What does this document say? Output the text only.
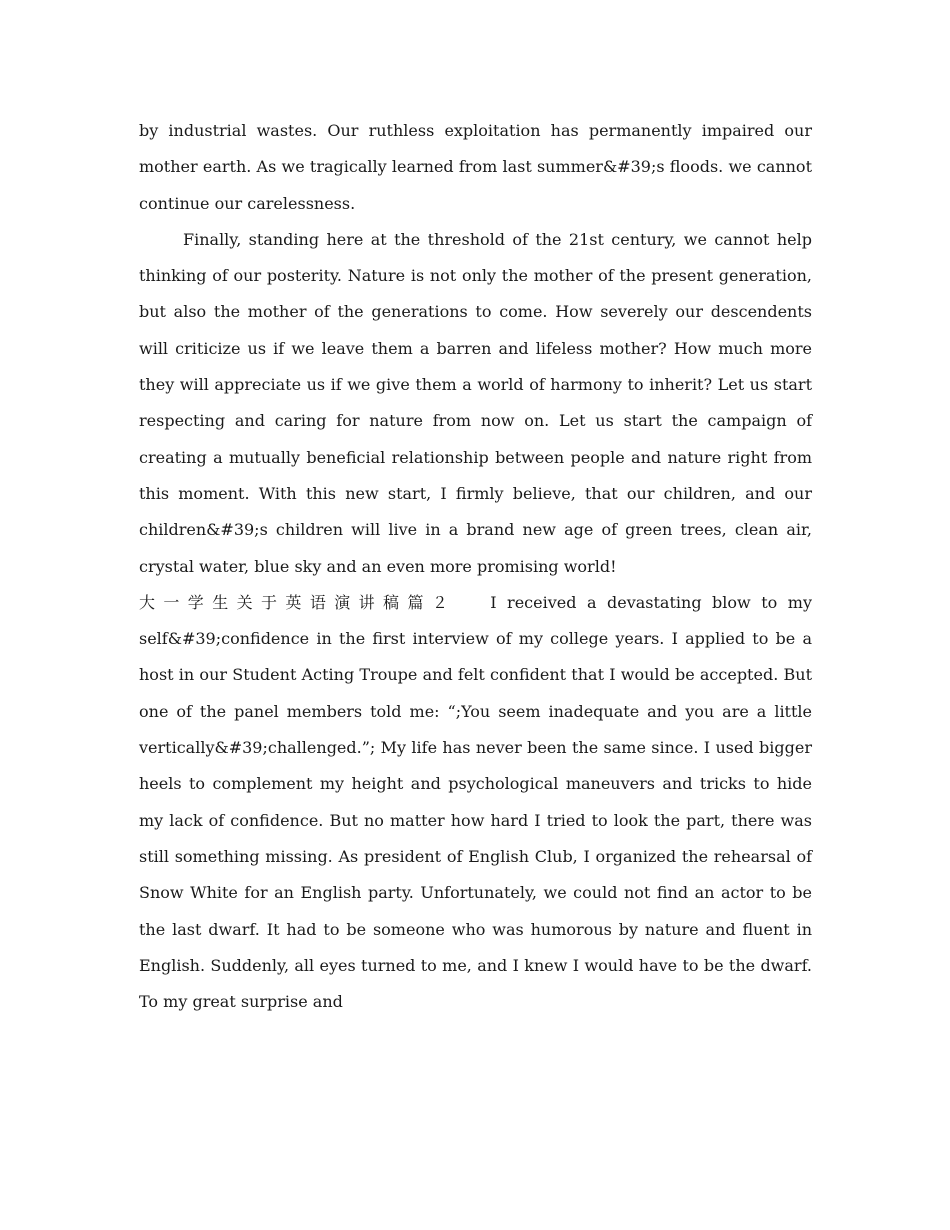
by industrial wastes. Our ruthless exploitation has permanently impaired our mother earth. As we tragically learned from last summer&#39;s floods. we cannot continue our carelessness.

Finally, standing here at the threshold of the 21st century, we cannot help thinking of our posterity. Nature is not only the mother of the present generation, but also the mother of the generations to come. How severely our descendents will criticize us if we leave them a barren and lifeless mother? How much more they will appreciate us if we give them a world of harmony to inherit? Let us start respecting and caring for nature from now on. Let us start the campaign of creating a mutually beneficial relationship between people and nature right from this moment. With this new start, I firmly believe, that our children, and our children&#39;s children will live in a brand new age of green trees, clean air, crystal water, blue sky and an even more promising world!

大一学生关于英语演讲稿篇２ I received a devastating blow to my self&#39;confidence in the first interview of my college years. I applied to be a host in our Student Acting Troupe and felt confident that I would be accepted. But one of the panel members told me: “;You seem inadequate and you are a little vertically&#39;challenged.”; My life has never been the same since. I used bigger heels to complement my height and psychological maneuvers and tricks to hide my lack of confidence. But no matter how hard I tried to look the part, there was still something missing. As president of English Club, I organized the rehearsal of Snow White for an English party. Unfortunately, we could not find an actor to be the last dwarf. It had to be someone who was humorous by nature and fluent in English. Suddenly, all eyes turned to me, and I knew I would have to be the dwarf. To my great surprise and
